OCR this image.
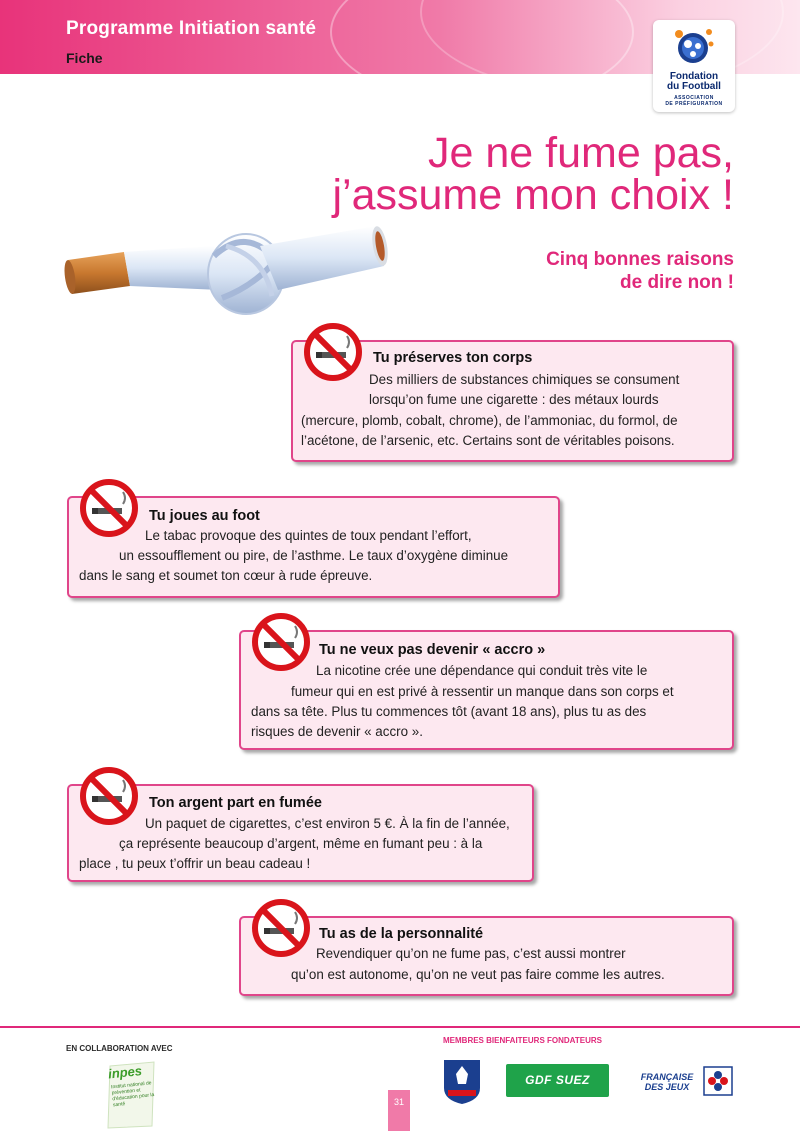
Programme Initiation santé
Fiche
Fondation
du Football
ASSOCIATION
DE PRÉFIGURATION
Je ne fume pas,
j’assume mon choix !
Cinq bonnes raisons
de dire non !
Tu préserves ton corps
Des milliers de substances chimiques se consument
lorsqu’on fume une cigarette : des métaux lourds
(mercure, plomb, cobalt, chrome), de l’ammoniac, du formol, de
l’acétone, de l’arsenic, etc. Certains sont de véritables poisons.
Tu joues au foot
Le tabac provoque des quintes de toux pendant l’effort,
un essoufflement ou pire, de l’asthme. Le taux d’oxygène diminue
dans le sang et soumet ton cœur à rude épreuve.
Tu ne veux pas devenir « accro »
La nicotine crée une dépendance qui conduit très vite le
fumeur qui en est privé à ressentir un manque dans son corps et
dans sa tête. Plus tu commences tôt (avant 18 ans), plus tu as des
risques de devenir « accro ».
Ton argent part en fumée
Un paquet de cigarettes, c’est environ 5 €. À la fin de l’année,
ça représente beaucoup d’argent, même en fumant peu : à la
place , tu peux t’offrir un beau cadeau !
Tu as de la personnalité
Revendiquer qu’on ne fume pas, c’est aussi montrer
qu’on est autonome, qu’on ne veut pas faire comme les autres.
EN COLLABORATION AVEC
MEMBRES BIENFAITEURS FONDATEURS
inpes
Institut national de prévention et d'éducation pour la santé
GDF SUEZ	FRANÇAISE
DES JEUX
31
